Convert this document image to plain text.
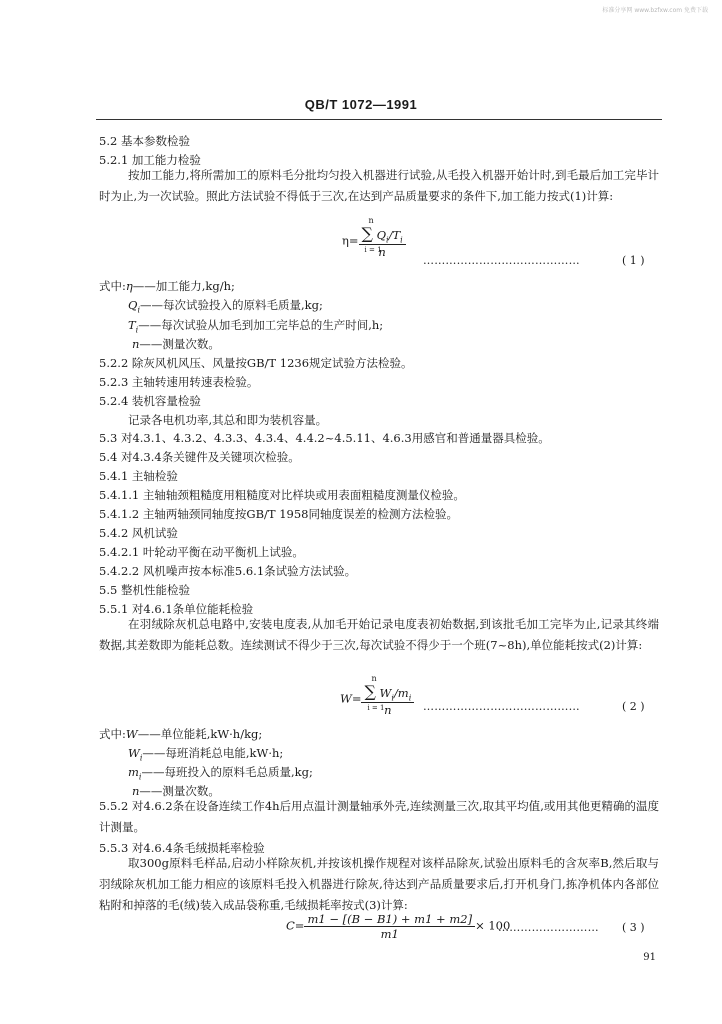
标准分享网 www.bzfxw.com 免费下载
QB/T 1072—1991
5.2 基本参数检验
5.2.1 加工能力检验
按加工能力,将所需加工的原料毛分批均匀投入机器进行试验,从毛投入机器开始计时,到毛最后加工完毕计时为止,为一次试验。照此方法试验不得低于三次,在达到产品质量要求的条件下,加工能力按式(1)计算:
η= n
∑ $Q_i/T_i$
i = 1
n
……………………………………	( 1 )
式中:η——加工能力,kg/h;
$Q_i——$每次试验投入的原料毛质量,kg;
$T_i——$每次试验从加毛到加工完毕总的生产时间,h;
n——测量次数。
5.2.2 除灰风机风压、风量按GB/T 1236规定试验方法检验。
5.2.3 主轴转速用转速表检验。
5.2.4 装机容量检验
记录各电机功率,其总和即为装机容量。
5.3 对4.3.1、4.3.2、4.3.3、4.3.4、4.4.2~4.5.11、4.6.3用感官和普通量器具检验。
5.4 对4.3.4条关键件及关键项次检验。
5.4.1 主轴检验
5.4.1.1 主轴轴颈粗糙度用粗糙度对比样块或用表面粗糙度测量仪检验。
5.4.1.2 主轴两轴颈同轴度按GB/T 1958同轴度误差的检测方法检验。
5.4.2 风机试验
5.4.2.1 叶轮动平衡在动平衡机上试验。
5.4.2.2 风机噪声按本标准5.6.1条试验方法试验。
5.5 整机性能检验
5.5.1 对4.6.1条单位能耗检验
在羽绒除灰机总电路中,安装电度表,从加毛开始记录电度表初始数据,到该批毛加工完毕为止,记录其终端数据,其差数即为能耗总数。连续测试不得少于三次,每次试验不得少于一个班(7~8h),单位能耗按式(2)计算:
W= n
∑ $W_i/m_i$
i = 1 n ……………………………………	( 2 )
式中:W——单位能耗,kW·h/kg;
$W_i——$每班消耗总电能,kW·h;
$m_i——$每班投入的原料毛总质量,kg;
n——测量次数。
5.5.2 对4.6.2条在设备连续工作4h后用点温计测量轴承外壳,连续测量三次,取其平均值,或用其他更精确的温度计测量。
5.5.3 对4.6.4条毛绒损耗率检验
取300g原料毛样品,启动小样除灰机,并按该机操作规程对该样品除灰,试验出原料毛的含灰率B,然后取与羽绒除灰机加工能力相应的该原料毛投入机器进行除灰,待达到产品质量要求后,打开机身门,拣净机体内各部位粘附和掉落的毛(绒)装入成品袋称重,毛绒损耗率按式(3)计算:
$C= \frac{m1 - [(B - B1) + m1 + m2]}{m1} \times 100$
……………………… ( 3 )
91
